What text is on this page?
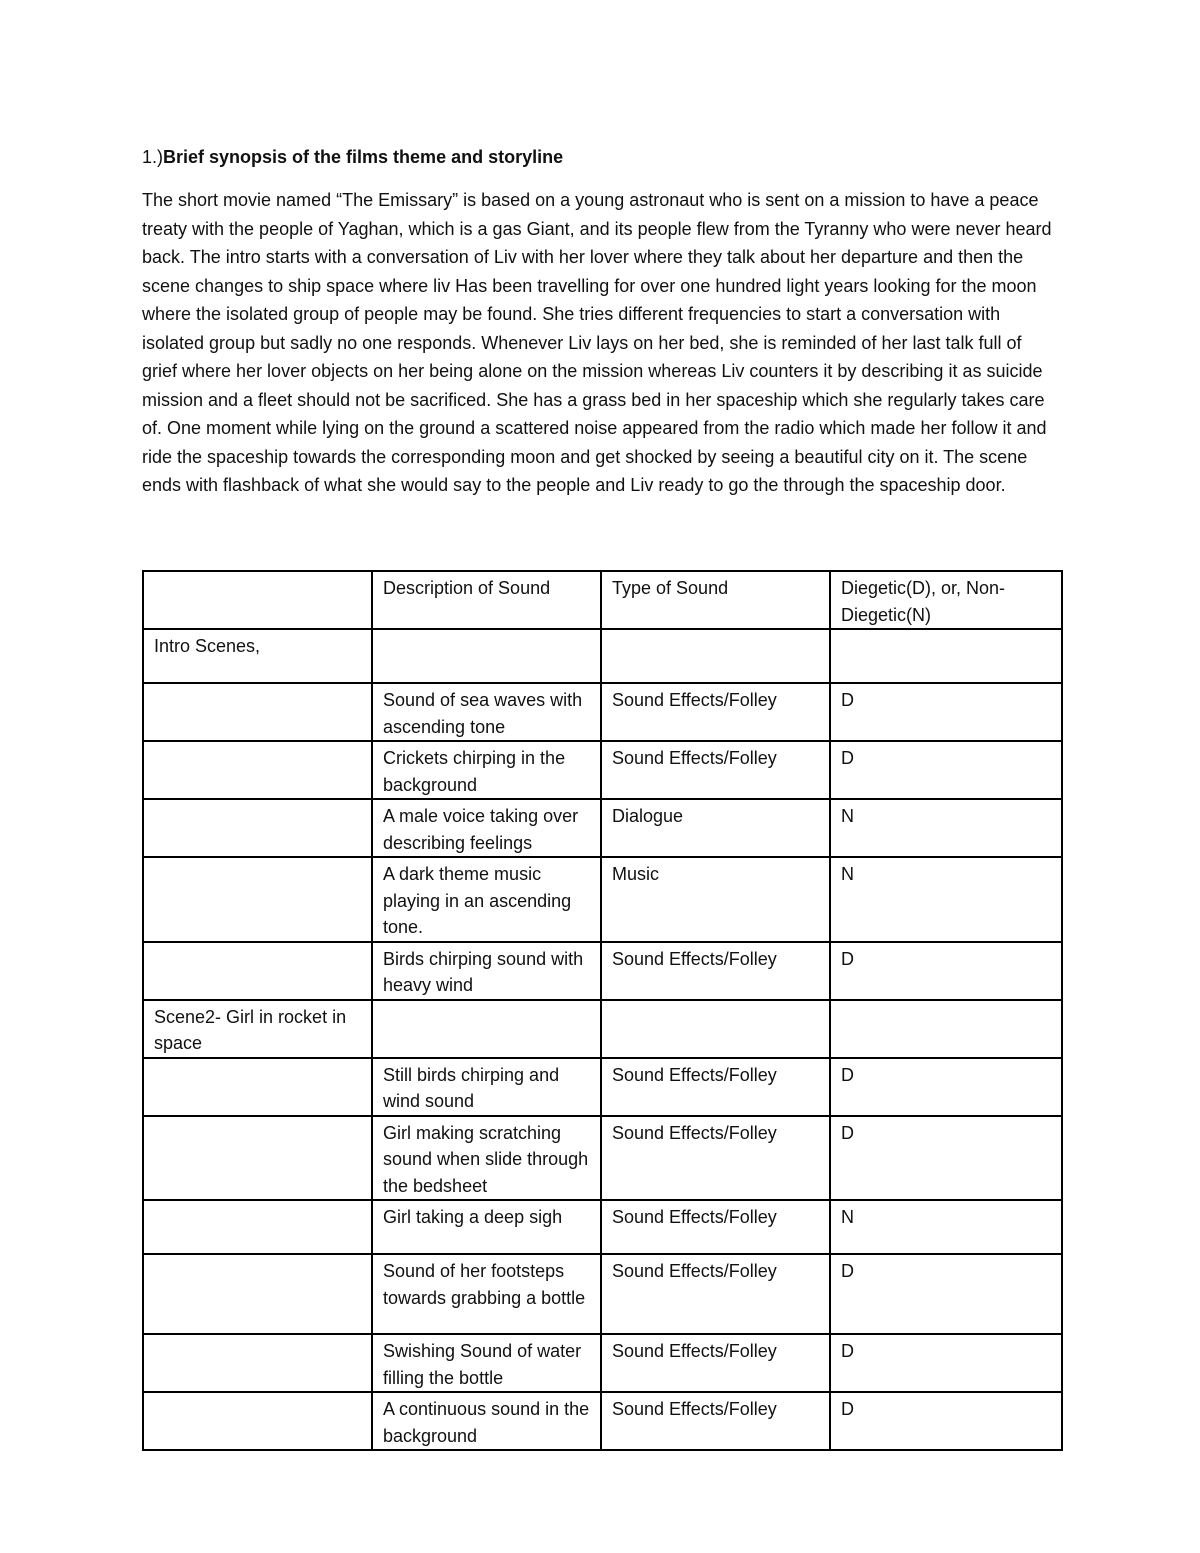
1.)Brief synopsis of the films theme and storyline

The short movie named “The Emissary” is based on a young astronaut who is sent on a mission to have a peace treaty with the people of Yaghan, which is a gas Giant, and its people flew from the Tyranny who were never heard back. The intro starts with a conversation of Liv with her lover where they talk about her departure and then the scene changes to ship space where liv Has been travelling for over one hundred light years looking for the moon where the isolated group of people may be found. She tries different frequencies to start a conversation with isolated group but sadly no one responds. Whenever Liv lays on her bed, she is reminded of her last talk full of grief where her lover objects on her being alone on the mission whereas Liv counters it by describing it as suicide mission and a fleet should not be sacrificed. She has a grass bed in her spaceship which she regularly takes care of. One moment while lying on the ground a scattered noise appeared from the radio which made her follow it and ride the spaceship towards the corresponding moon and get shocked by seeing a beautiful city on it. The scene ends with flashback of what she would say to the people and Liv ready to go the through the spaceship door.

	Description of Sound	Type of Sound	Diegetic(D), or, Non-Diegetic(N)
Intro Scenes,			
	Sound of sea waves with ascending tone	Sound Effects/Folley	D
	Crickets chirping in the background	Sound Effects/Folley	D
	A male voice taking over describing feelings	Dialogue	N
	A dark theme music playing in an ascending tone.	Music	N
	Birds chirping sound with heavy wind	Sound Effects/Folley	D
Scene2- Girl in rocket in space			
	Still birds chirping and wind sound	Sound Effects/Folley	D
	Girl making scratching sound when slide through the bedsheet	Sound Effects/Folley	D
	Girl taking a deep sigh	Sound Effects/Folley	N
	Sound of her footsteps towards grabbing a bottle	Sound Effects/Folley	D
	Swishing Sound of water filling the bottle	Sound Effects/Folley	D
	A continuous sound in the background	Sound Effects/Folley	D
